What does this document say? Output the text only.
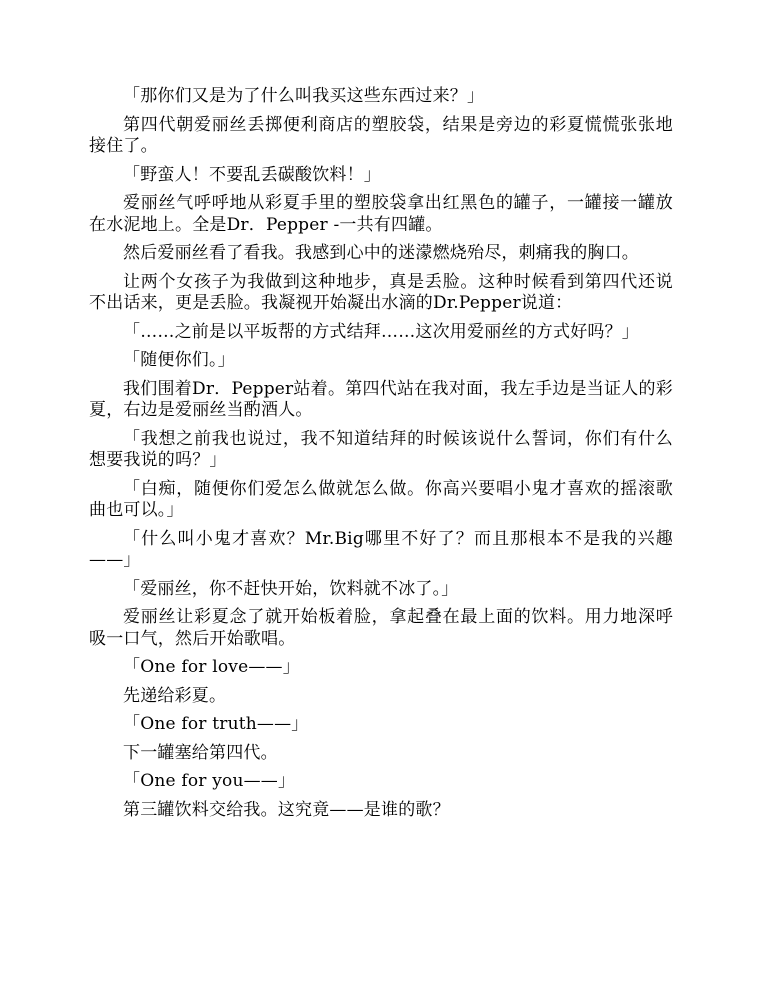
「那你们又是为了什么叫我买这些东西过来？」

第四代朝爱丽丝丢掷便利商店的塑胶袋，结果是旁边的彩夏慌慌张张地接住了。

「野蛮人！不要乱丢碳酸饮料！」

爱丽丝气呼呼地从彩夏手里的塑胶袋拿出红黑色的罐子，一罐接一罐放在水泥地上。全是Dr．Pepper -一共有四罐。

然后爱丽丝看了看我。我感到心中的迷濛燃烧殆尽，刺痛我的胸口。

让两个女孩子为我做到这种地步，真是丢脸。这种时候看到第四代还说不出话来，更是丢脸。我凝视开始凝出水滴的Dr.Pepper说道：

「……之前是以平坂帮的方式结拜……这次用爱丽丝的方式好吗？」

「随便你们。」

我们围着Dr．Pepper站着。第四代站在我对面，我左手边是当证人的彩夏，右边是爱丽丝当酌酒人。

「我想之前我也说过，我不知道结拜的时候该说什么誓词，你们有什么想要我说的吗？」

「白痴，随便你们爱怎么做就怎么做。你高兴要唱小鬼才喜欢的摇滚歌曲也可以。」

「什么叫小鬼才喜欢？Mr.Big哪里不好了？而且那根本不是我的兴趣——」

「爱丽丝，你不赶快开始，饮料就不冰了。」

爱丽丝让彩夏念了就开始板着脸，拿起叠在最上面的饮料。用力地深呼吸一口气，然后开始歌唱。

「One for love——」

先递给彩夏。

「One for truth——」

下一罐塞给第四代。

「One for you——」

第三罐饮料交给我。这究竟——是谁的歌？
